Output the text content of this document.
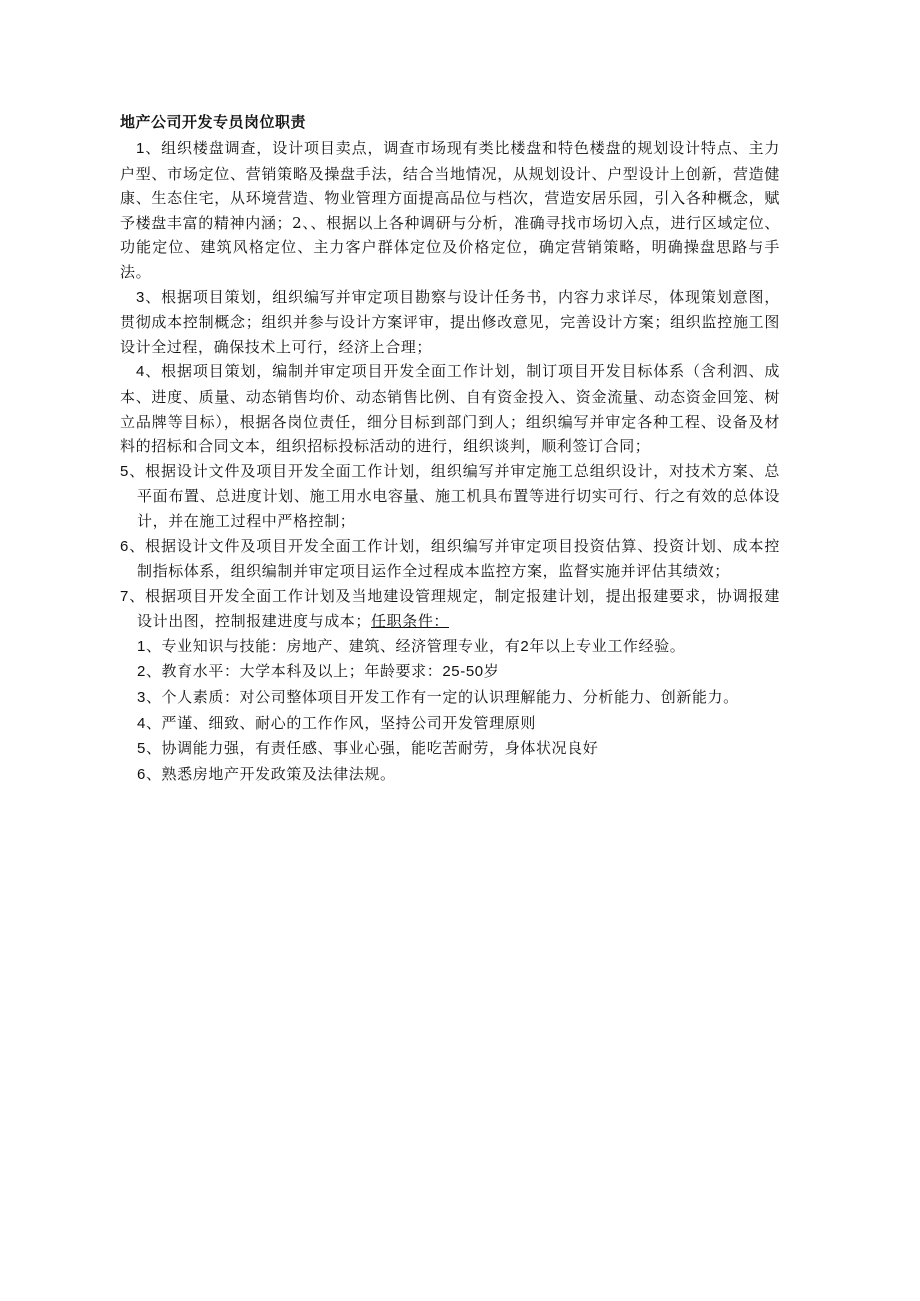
地产公司开发专员岗位职责

1、组织楼盘调查，设计项目卖点，调查市场现有类比楼盘和特色楼盘的规划设计特点、主力户型、市场定位、营销策略及操盘手法，结合当地情况，从规划设计、户型设计上创新，营造健康、生态住宅，从环境营造、物业管理方面提高品位与档次，营造安居乐园，引入各种概念，赋予楼盘丰富的精神内涵；2、、根据以上各种调研与分析，准确寻找市场切入点，进行区域定位、功能定位、建筑风格定位、主力客户群体定位及价格定位，确定营销策略，明确操盘思路与手法。

3、根据项目策划，组织编写并审定项目勘察与设计任务书，内容力求详尽，体现策划意图，贯彻成本控制概念；组织并参与设计方案评审，提出修改意见，完善设计方案；组织监控施工图设计全过程，确保技术上可行，经济上合理；

4、根据项目策划，编制并审定项目开发全面工作计划，制订项目开发目标体系（含利泗、成本、进度、质量、动态销售均价、动态销售比例、自有资金投入、资金流量、动态资金回笼、树立品牌等目标），根据各岗位责任，细分目标到部门到人；组织编写并审定各种工程、设备及材料的招标和合同文本，组织招标投标活动的进行，组织谈判，顺利签订合同；

5、根据设计文件及项目开发全面工作计划，组织编写并审定施工总组织设计，对技术方案、总平面布置、总进度计划、施工用水电容量、施工机具布置等进行切实可行、行之有效的总体设计，并在施工过程中严格控制；

6、根据设计文件及项目开发全面工作计划，组织编写并审定项目投资估算、投资计划、成本控制指标体系，组织编制并审定项目运作全过程成本监控方案，监督实施并评估其绩效；

7、根据项目开发全面工作计划及当地建设管理规定，制定报建计划，提出报建要求，协调报建设计出图，控制报建进度与成本；任职条件：

1、专业知识与技能：房地产、建筑、经济管理专业，有2年以上专业工作经验。

2、教育水平：大学本科及以上；年龄要求：25-50岁

3、个人素质：对公司整体项目开发工作有一定的认识理解能力、分析能力、创新能力。

4、严谨、细致、耐心的工作作风，坚持公司开发管理原则

5、协调能力强，有责任感、事业心强，能吃苦耐劳，身体状况良好

6、熟悉房地产开发政策及法律法规。
